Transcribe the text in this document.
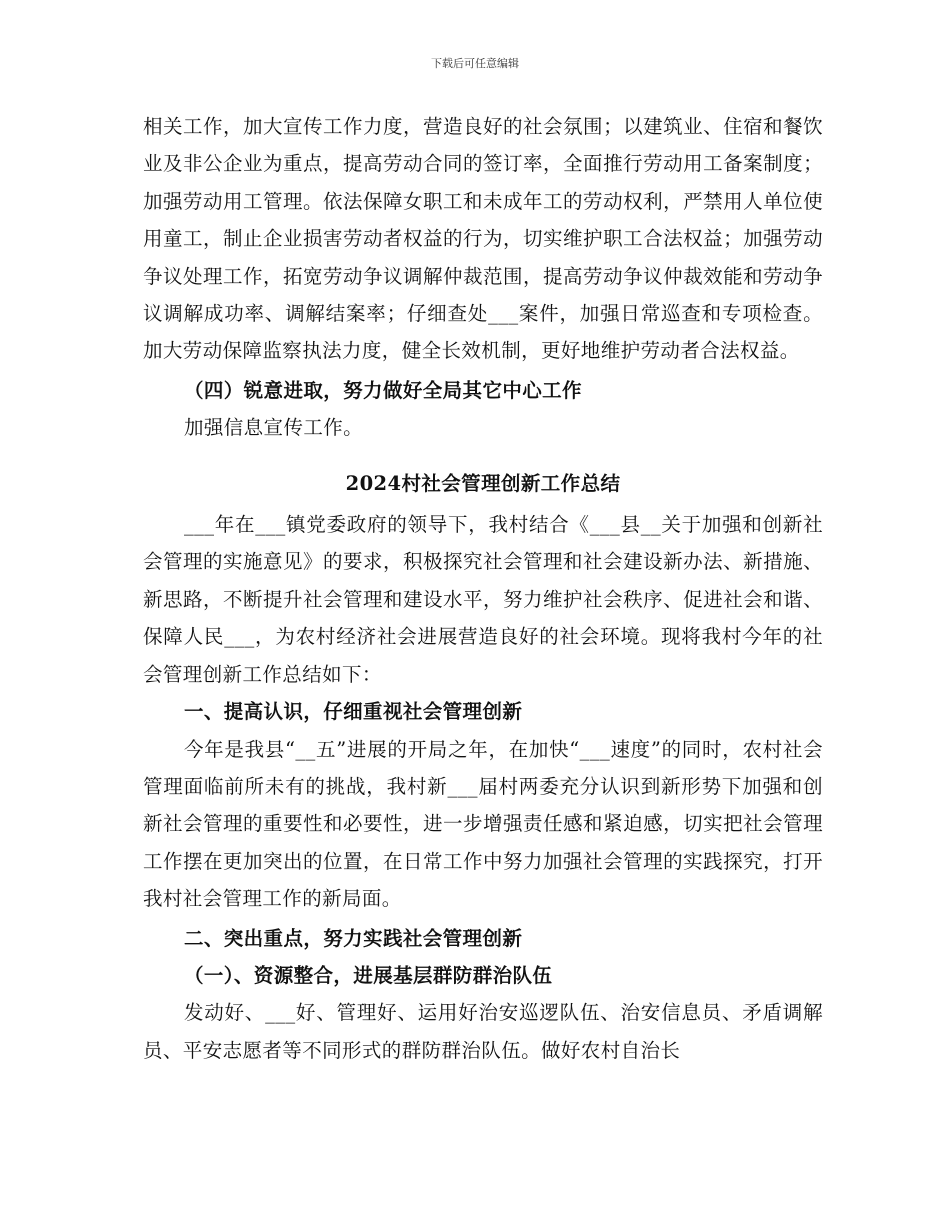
下载后可任意编辑

相关工作，加大宣传工作力度，营造良好的社会氛围；以建筑业、住宿和餐饮业及非公企业为重点，提高劳动合同的签订率，全面推行劳动用工备案制度；加强劳动用工管理。依法保障女职工和未成年工的劳动权利，严禁用人单位使用童工，制止企业损害劳动者权益的行为，切实维护职工合法权益；加强劳动争议处理工作，拓宽劳动争议调解仲裁范围，提高劳动争议仲裁效能和劳动争议调解成功率、调解结案率；仔细查处___案件，加强日常巡查和专项检查。加大劳动保障监察执法力度，健全长效机制，更好地维护劳动者合法权益。

（四）锐意进取，努力做好全局其它中心工作

加强信息宣传工作。

2024村社会管理创新工作总结

___年在___镇党委政府的领导下，我村结合《___县__关于加强和创新社会管理的实施意见》的要求，积极探究社会管理和社会建设新办法、新措施、新思路，不断提升社会管理和建设水平，努力维护社会秩序、促进社会和谐、保障人民___，为农村经济社会进展营造良好的社会环境。现将我村今年的社会管理创新工作总结如下：

一、提高认识，仔细重视社会管理创新

今年是我县“__五”进展的开局之年，在加快“___速度”的同时，农村社会管理面临前所未有的挑战，我村新___届村两委充分认识到新形势下加强和创新社会管理的重要性和必要性，进一步增强责任感和紧迫感，切实把社会管理工作摆在更加突出的位置，在日常工作中努力加强社会管理的实践探究，打开我村社会管理工作的新局面。

二、突出重点，努力实践社会管理创新

（一）、资源整合，进展基层群防群治队伍

发动好、___好、管理好、运用好治安巡逻队伍、治安信息员、矛盾调解员、平安志愿者等不同形式的群防群治队伍。做好农村自治长
